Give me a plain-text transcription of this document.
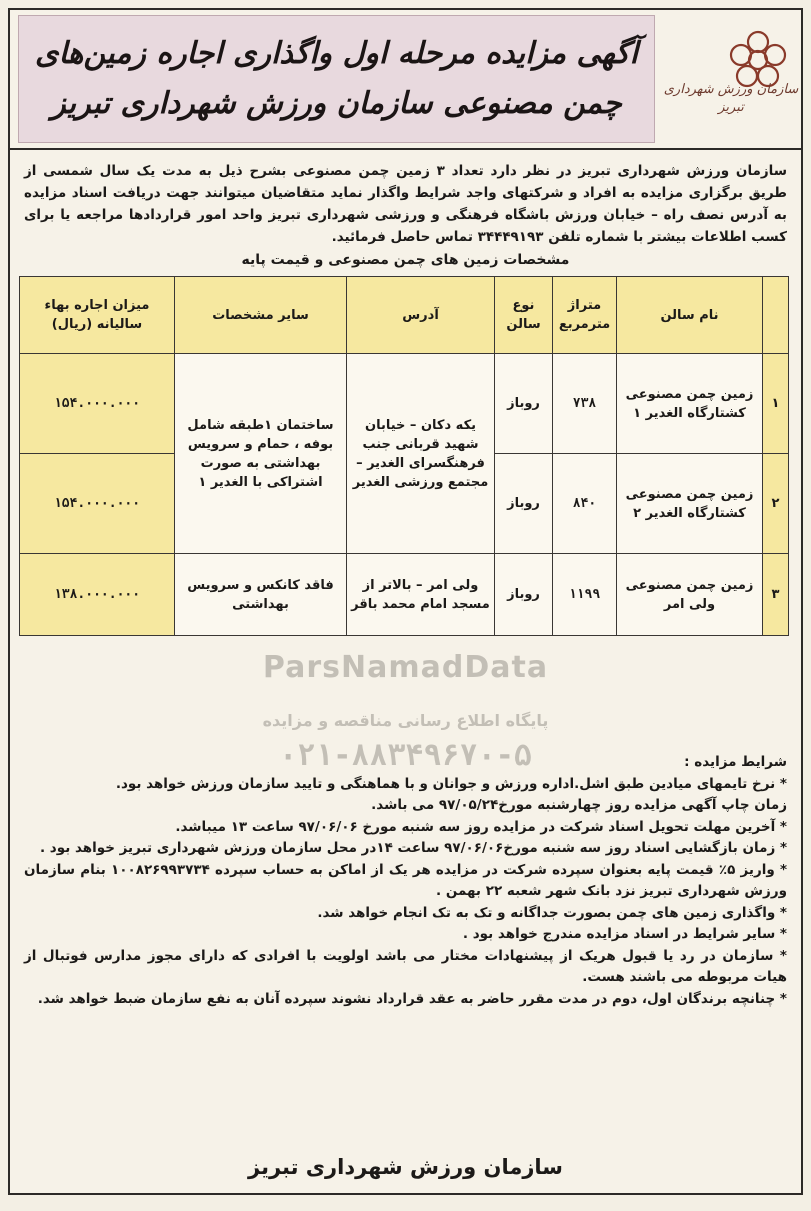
سازمان ورزش شهرداری تبریز
آگهی مزایده مرحله اول واگذاری اجاره زمین‌های
چمن مصنوعی سازمان ورزش شهرداری تبریز
سازمان ورزش شهرداری تبریز در نظر دارد تعداد ۳ زمین چمن مصنوعی بشرح ذیل به مدت یک سال شمسی از طریق برگزاری مزایده به افراد و شرکتهای واجد شرایط واگذار نماید متقاضیان میتوانند جهت دریافت اسناد مزایده به آدرس نصف راه – خیابان ورزش باشگاه فرهنگی و ورزشی شهرداری تبریز واحد امور قراردادها مراجعه یا برای کسب اطلاعات بیشتر با شماره تلفن ۳۴۴۴۹۱۹۳ تماس حاصل فرمائید.
مشخصات زمین های چمن مصنوعی و قیمت پایه
	نام سالن	متراژ مترمربع	نوع سالن	آدرس	سایر مشخصات	میزان اجاره بهاء سالیانه (ریال)
۱	زمین چمن مصنوعی کشتارگاه الغدیر ۱	۷۳۸	روباز	یکه دکان – خیابان شهید قربانی جنب فرهنگسرای الغدیر – مجتمع ورزشی الغدیر	ساختمان ۱طبقه شامل بوفه ، حمام و سرویس بهداشتی به صورت اشتراکی با الغدیر ۱	۱۵۴.۰۰۰.۰۰۰
۲	زمین چمن مصنوعی کشتارگاه الغدیر ۲	۸۴۰	روباز			۱۵۴.۰۰۰.۰۰۰
۳	زمین چمن مصنوعی ولی امر	۱۱۹۹	روباز	ولی امر – بالاتر از مسجد امام محمد باقر	فاقد کانکس و سرویس بهداشتی	۱۳۸.۰۰۰.۰۰۰
ParsNamadData
پایگاه اطلاع رسانی مناقصه و مزایده
۰۲۱-۸۸۳۴۹۶۷۰-۵	شرایط مزایده :

* نرخ تایمهای میادین طبق اشل.اداره ورزش و جوانان و با هماهنگی و تایید سازمان ورزش خواهد بود.

زمان چاپ آگهی مزایده روز چهارشنبه مورخ۹۷/۰۵/۲۴ می باشد.

* آخرین مهلت تحویل اسناد شرکت در مزایده روز سه شنبه مورخ ۹۷/۰۶/۰۶ ساعت ۱۳ میباشد.

* زمان بازگشایی اسناد روز سه شنبه مورخ۹۷/۰۶/۰۶ ساعت ۱۴در محل سازمان ورزش شهرداری تبریز خواهد بود .

* واریز ۵٪ قیمت پایه بعنوان سپرده شرکت در مزایده هر یک از اماکن به حساب سپرده ۱۰۰۸۲۶۹۹۳۷۳۴ بنام سازمان ورزش شهرداری تبریز نزد بانک شهر شعبه ۲۲ بهمن .

* واگذاری زمین های چمن بصورت جداگانه و تک به تک انجام خواهد شد.

* سایر شرایط در اسناد مزایده مندرج خواهد بود .

* سازمان در رد یا قبول هریک از پیشنهادات مختار می باشد اولویت با افرادی که دارای مجوز مدارس فوتبال از هیات مربوطه می باشند هست.

* چنانچه برندگان اول، دوم در مدت مقرر حاضر به عقد قرارداد نشوند سپرده آنان به نفع سازمان ضبط خواهد شد.

سازمان ورزش شهرداری تبریز
